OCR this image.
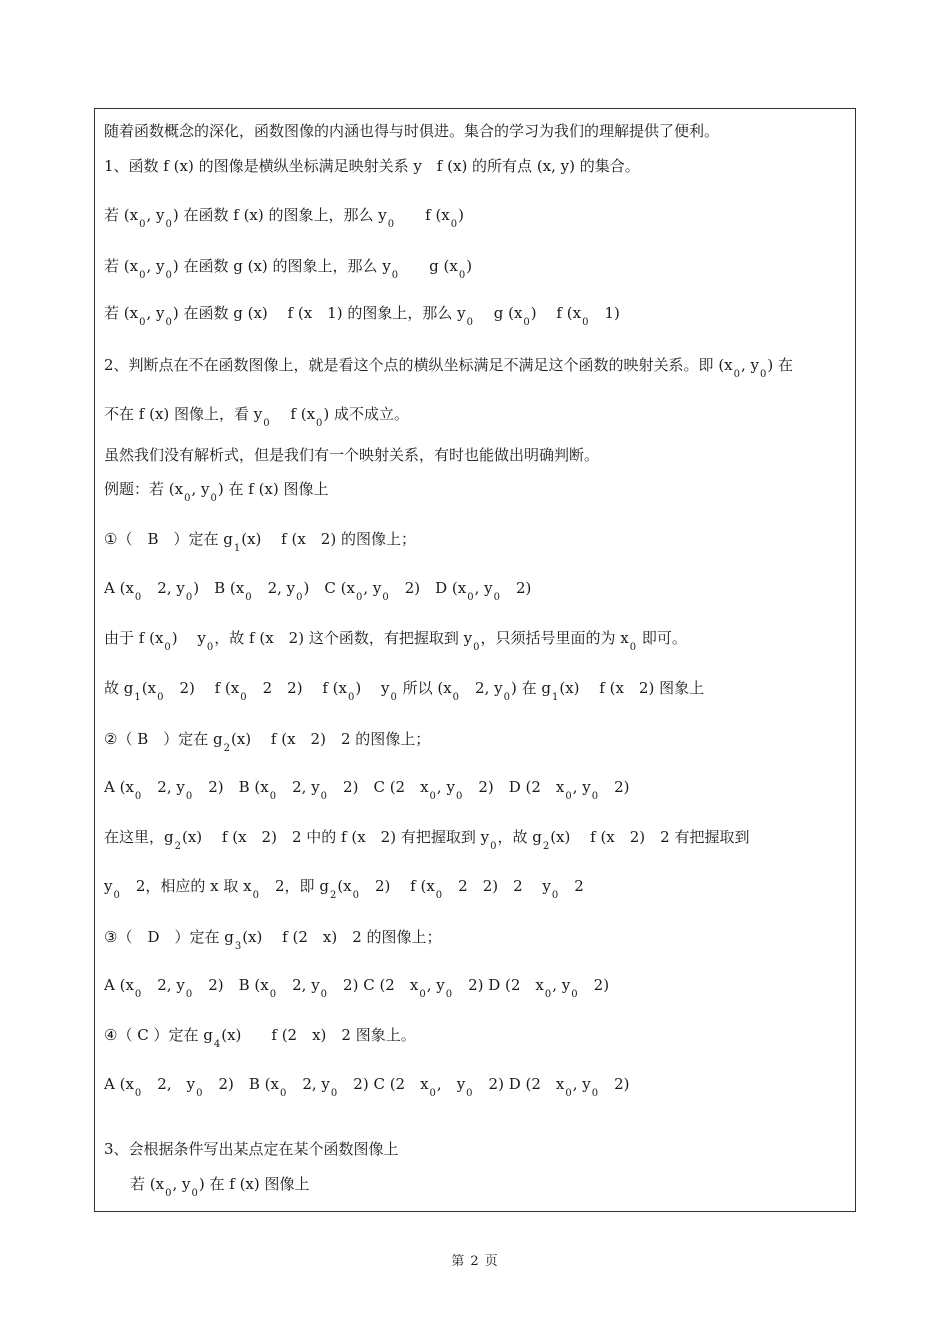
随着函数概念的深化，函数图像的内涵也得与时俱进。集合的学习为我们的理解提供了便利。
1、函数 f (x) 的图像是横纵坐标满足映射关系 y　f (x) 的所有点 (x, y) 的集合。
若 ($x_0$, $y_0$) 在函数 f (x) 的图象上，那么 $y_0$　　f $(x_0)$
若 ($x_0$, $y_0$) 在函数 g (x) 的图象上，那么 $y_0$　　g $(x_0)$
若 ($x_0$, $y_0$) 在函数 g (x)　 f (x　1) 的图象上，那么 $y_0$　 g $(x_0)$　 f ($x_0$　1)
2、判断点在不在函数图像上，就是看这个点的横纵坐标满足不满足这个函数的映射关系。即 ($x_0$, $y_0$) 在
不在 f (x) 图像上，看 $y_0$　 f $(x_0)$ 成不成立。
虽然我们没有解析式，但是我们有一个映射关系，有时也能做出明确判断。
例题：若 ($x_0$, $y_0$) 在 f (x) 图像上
①（　B　）定在 $g_1(x)$　 f (x　2) 的图像上；
A ($x_0$　2, $y_0$)　B ($x_0$　2, $y_0$)　C ($x_0$, $y_0$　2)　D ($x_0$, $y_0$　2)
由于 f $(x_0)$　 $y_0$，故 f (x　2) 这个函数，有把握取到 $y_0$，只须括号里面的为 $x_0$ 即可。
故 $g_1(x_0$　2)　 f ($x_0$　2　2)　 f $(x_0)$　 $y_0$ 所以 ($x_0$　2, $y_0$) 在 $g_1(x)$　 f (x　2) 图象上
②（ B　）定在 $g_2(x)$　 f (x　2)　2 的图像上；
A ($x_0$　2, $y_0$　2)　B ($x_0$　2, $y_0$　2)　C (2　$x_0$, $y_0$　2)　D (2　$x_0$, $y_0$　2)
在这里，$g_2(x)$　 f (x　2)　2 中的 f (x　2) 有把握取到 $y_0$，故 $g_2(x)$　 f (x　2)　2 有把握取到
$y_0$　2，相应的 x 取 $x_0$　2，即 $g_2(x_0$　2)　 f ($x_0$　2　2)　2　 $y_0$　2
③（　D　）定在 $g_3(x)$　 f (2　x)　2 的图像上；
A ($x_0$　2, $y_0$　2)　B ($x_0$　2, $y_0$　2) C (2　$x_0$, $y_0$　2) D (2　$x_0$, $y_0$　2)
④（ C ）定在 $g_4(x)$　　f (2　x)　2 图象上。
A ($x_0$　2,　$y_0$　2)　B ($x_0$　2, $y_0$　2) C (2　$x_0$,　$y_0$　2) D (2　$x_0$, $y_0$　2)
3、会根据条件写出某点定在某个函数图像上
若 ($x_0$, $y_0$) 在 f (x) 图像上
第 2 页
